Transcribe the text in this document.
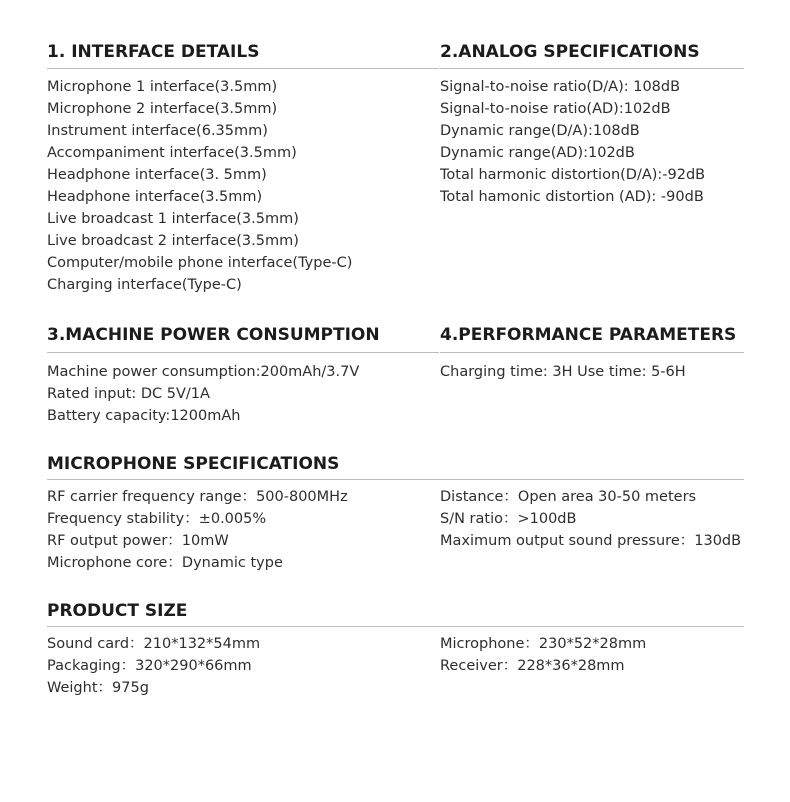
1. INTERFACE DETAILS
Microphone 1 interface(3.5mm)
Microphone 2 interface(3.5mm)
Instrument interface(6.35mm)
Accompaniment interface(3.5mm)
Headphone interface(3. 5mm)
Headphone interface(3.5mm)
Live broadcast 1 interface(3.5mm)
Live broadcast 2 interface(3.5mm)
Computer/mobile phone interface(Type-C)
Charging interface(Type-C)
2.ANALOG SPECIFICATIONS
Signal-to-noise ratio(D/A): 108dB
Signal-to-noise ratio(AD):102dB
Dynamic range(D/A):108dB
Dynamic range(AD):102dB
Total harmonic distortion(D/A):-92dB
Total hamonic distortion (AD): -90dB
3.MACHINE POWER CONSUMPTION
Machine power consumption:200mAh/3.7V
Rated input: DC 5V/1A
Battery capacity:1200mAh
4.PERFORMANCE PARAMETERS
Charging time: 3H Use time: 5-6H
MICROPHONE SPECIFICATIONS
RF carrier frequency range：500-800MHz
Frequency stability：±0.005%
RF output power：10mW
Microphone core：Dynamic type
Distance：Open area 30-50 meters
S/N ratio：>100dB
Maximum output sound pressure：130dB
PRODUCT SIZE
Sound card：210*132*54mm
Packaging：320*290*66mm
Weight：975g
Microphone：230*52*28mm
Receiver：228*36*28mm
